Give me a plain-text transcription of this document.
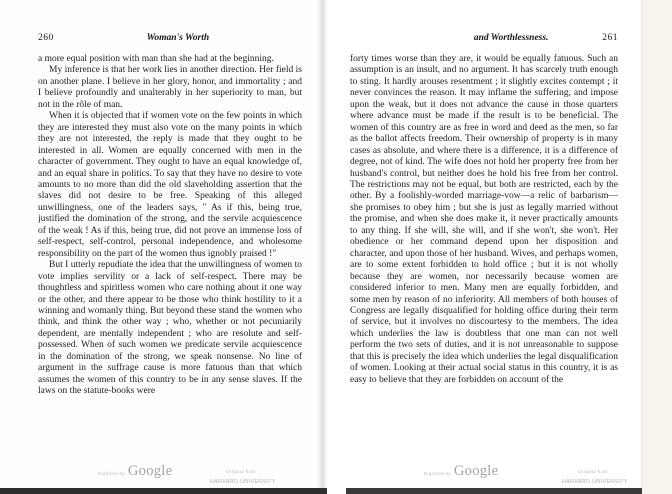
260	Woman's Worth

a more equal position with man than she had at the beginning.

My inference is that her work lies in another direction. Her field is on another plane. I believe in her glory, honor, and immortality ; and I believe profoundly and unalterably in her superiority to man, but not in the rôle of man.

When it is objected that if women vote on the few points in which they are interested they must also vote on the many points in which they are not interested, the reply is made that they ought to be interested in all. Women are equally concerned with men in the character of government. They ought to have an equal knowledge of, and an equal share in politics. To say that they have no desire to vote amounts to no more than did the old slaveholding assertion that the slaves did not desire to be free. Speaking of this alleged unwillingness, one of the leaders says, " As if this, being true, justified the domination of the strong, and the servile acquiescence of the weak ! As if this, being true, did not prove an immense loss of self-respect, self-control, personal independence, and wholesome responsibility on the part of the women thus ignobly praised !"

But I utterly repudiate the idea that the unwillingness of women to vote implies servility or a lack of self-respect. There may be thoughtless and spiritless women who care nothing about it one way or the other, and there appear to be those who think hostility to it a winning and womanly thing. But beyond these stand the women who think, and think the other way ; who, whether or not pecuniarily dependent, are mentally independent ; who are resolute and self-possessed. When of such women we predicate servile acquiescence in the domination of the strong, we speak nonsense. No line of argument in the suffrage cause is more fatuous than that which assumes the women of this country to be in any sense slaves. If the laws on the statute-books were

Digitized by Google	Original from
HARVARD UNIVERSITY
and Worthlessness.	261

forty times worse than they are, it would be equally fatuous. Such an assumption is an insult, and no argument. It has scarcely truth enough to sting. It hardly arouses resentment ; it slightly excites contempt ; it never convinces the reason. It may inflame the suffering, and impose upon the weak, but it does not advance the cause in those quarters where advance must be made if the result is to be beneficial. The women of this country are as free in word and deed as the men, so far as the ballot affects freedom. Their ownership of property is in many cases as absolute, and where there is a difference, it is a difference of degree, not of kind. The wife does not hold her property free from her husband's control, but neither does he hold his free from her control. The restrictions may not be equal, but both are restricted, each by the other. By a foolishly-worded marriage-vow—a relic of barbarism—she promises to obey him ; but she is just as legally married without the promise, and when she does make it, it never practically amounts to any thing. If she will, she will, and if she won't, she won't. Her obedience or her command depend upon her disposition and character, and upon those of her husband. Wives, and perhaps women, are to some extent forbidden to hold office ; but it is not wholly because they are women, nor necessarily because women are considered inferior to men. Many men are equally forbidden, and some men by reason of no inferiority. All members of both houses of Congress are legally disqualified for holding office during their term of service, but it involves no discourtesy to the members. The idea which underlies the law is doubtless that one man can not well perform the two sets of duties, and it is not unreasonable to suppose that this is precisely the idea which underlies the legal disqualification of women. Looking at their actual social status in this country, it is as easy to believe that they are forbidden on account of the

Digitized by Google	Original from
HARVARD UNIVERSITY
